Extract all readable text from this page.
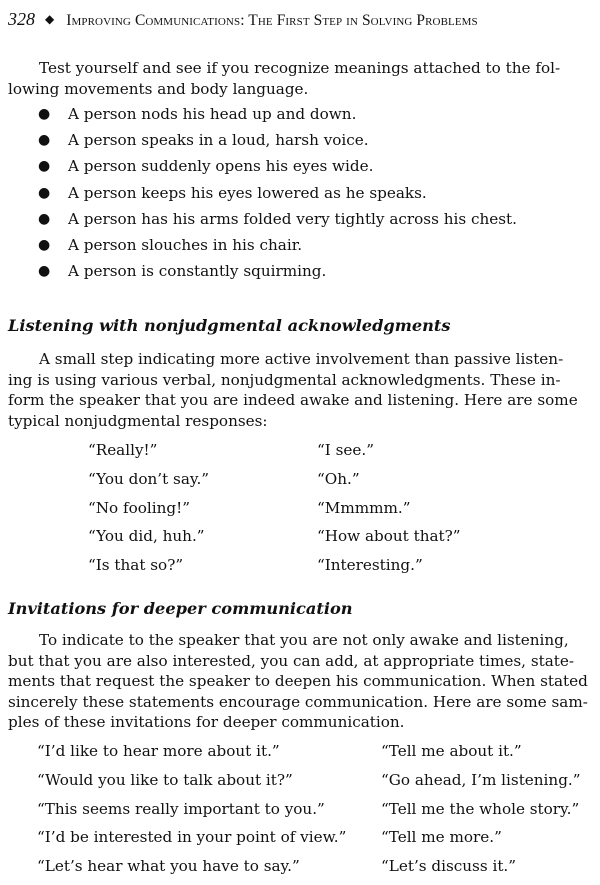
328 ◆ Improving Communications: The First Step in Solving Problems

Test yourself and see if you recognize meanings attached to the fol-
lowing movements and body language.

● A person nods his head up and down.
● A person speaks in a loud, harsh voice.
● A person suddenly opens his eyes wide.
● A person keeps his eyes lowered as he speaks.
● A person has his arms folded very tightly across his chest.
● A person slouches in his chair.
● A person is constantly squirming.
Listening with nonjudgmental acknowledgments

A small step indicating more active involvement than passive listen-
ing is using various verbal, nonjudgmental acknowledgments. These in-
form the speaker that you are indeed awake and listening. Here are some
typical nonjudgmental responses:

“Really!”	“I see.”
“You don’t say.”	“Oh.”
“No fooling!”	“Mmmmm.”
“You did, huh.”	“How about that?”
“Is that so?”	“Interesting.”
Invitations for deeper communication

To indicate to the speaker that you are not only awake and listening,
but that you are also interested, you can add, at appropriate times, state-
ments that request the speaker to deepen his communication. When stated
sincerely these statements encourage communication. Here are some sam-
ples of these invitations for deeper communication.

“I’d like to hear more about it.”	“Tell me about it.”
“Would you like to talk about it?”	“Go ahead, I’m listening.”
“This seems really important to you.”	“Tell me the whole story.”
“I’d be interested in your point of view.” “Tell me more.”
“Let’s hear what you have to say.”	“Let’s discuss it.”
